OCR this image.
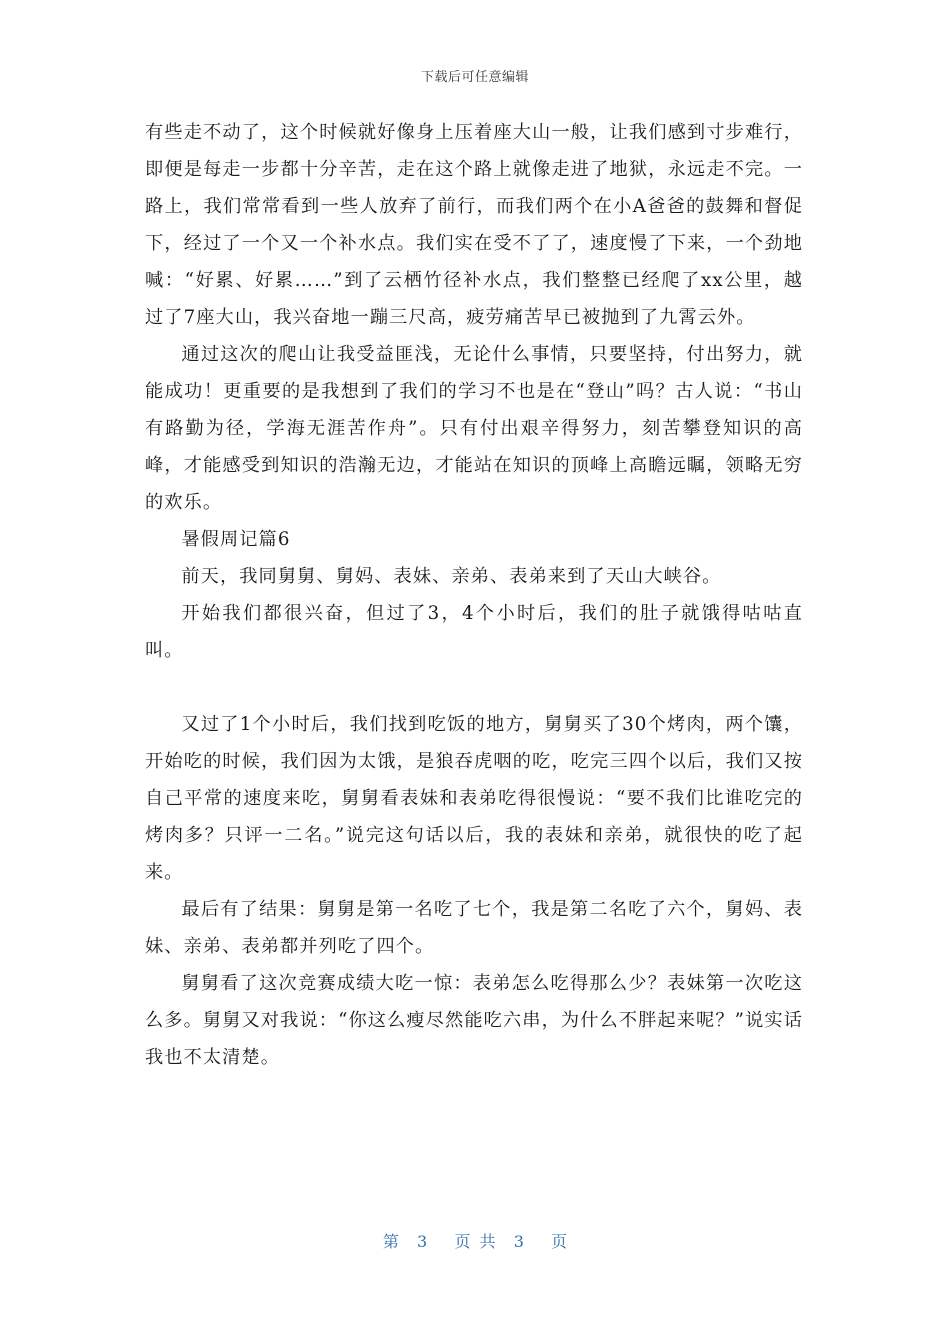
下载后可任意编辑

有些走不动了，这个时候就好像身上压着座大山一般，让我们感到寸步难行，即便是每走一步都十分辛苦，走在这个路上就像走进了地狱，永远走不完。一路上，我们常常看到一些人放弃了前行，而我们两个在小A爸爸的鼓舞和督促下，经过了一个又一个补水点。我们实在受不了了，速度慢了下来，一个劲地喊：“好累、好累……”到了云栖竹径补水点，我们整整已经爬了xx公里，越过了7座大山，我兴奋地一蹦三尺高，疲劳痛苦早已被抛到了九霄云外。

通过这次的爬山让我受益匪浅，无论什么事情，只要坚持，付出努力，就能成功！更重要的是我想到了我们的学习不也是在“登山”吗？古人说：“书山有路勤为径，学海无涯苦作舟”。只有付出艰辛得努力，刻苦攀登知识的高峰，才能感受到知识的浩瀚无边，才能站在知识的顶峰上高瞻远瞩，领略无穷的欢乐。

暑假周记篇6

前天，我同舅舅、舅妈、表妹、亲弟、表弟来到了天山大峡谷。

开始我们都很兴奋，但过了3，4个小时后，我们的肚子就饿得咕咕直叫。

又过了1个小时后，我们找到吃饭的地方，舅舅买了30个烤肉，两个馕，开始吃的时候，我们因为太饿，是狼吞虎咽的吃，吃完三四个以后，我们又按自己平常的速度来吃，舅舅看表妹和表弟吃得很慢说：“要不我们比谁吃完的烤肉多？只评一二名。”说完这句话以后，我的表妹和亲弟，就很快的吃了起来。

最后有了结果：舅舅是第一名吃了七个，我是第二名吃了六个，舅妈、表妹、亲弟、表弟都并列吃了四个。

舅舅看了这次竞赛成绩大吃一惊：表弟怎么吃得那么少？表妹第一次吃这么多。舅舅又对我说：“你这么瘦尽然能吃六串，为什么不胖起来呢？”说实话我也不太清楚。

第  3   页 共  3   页
